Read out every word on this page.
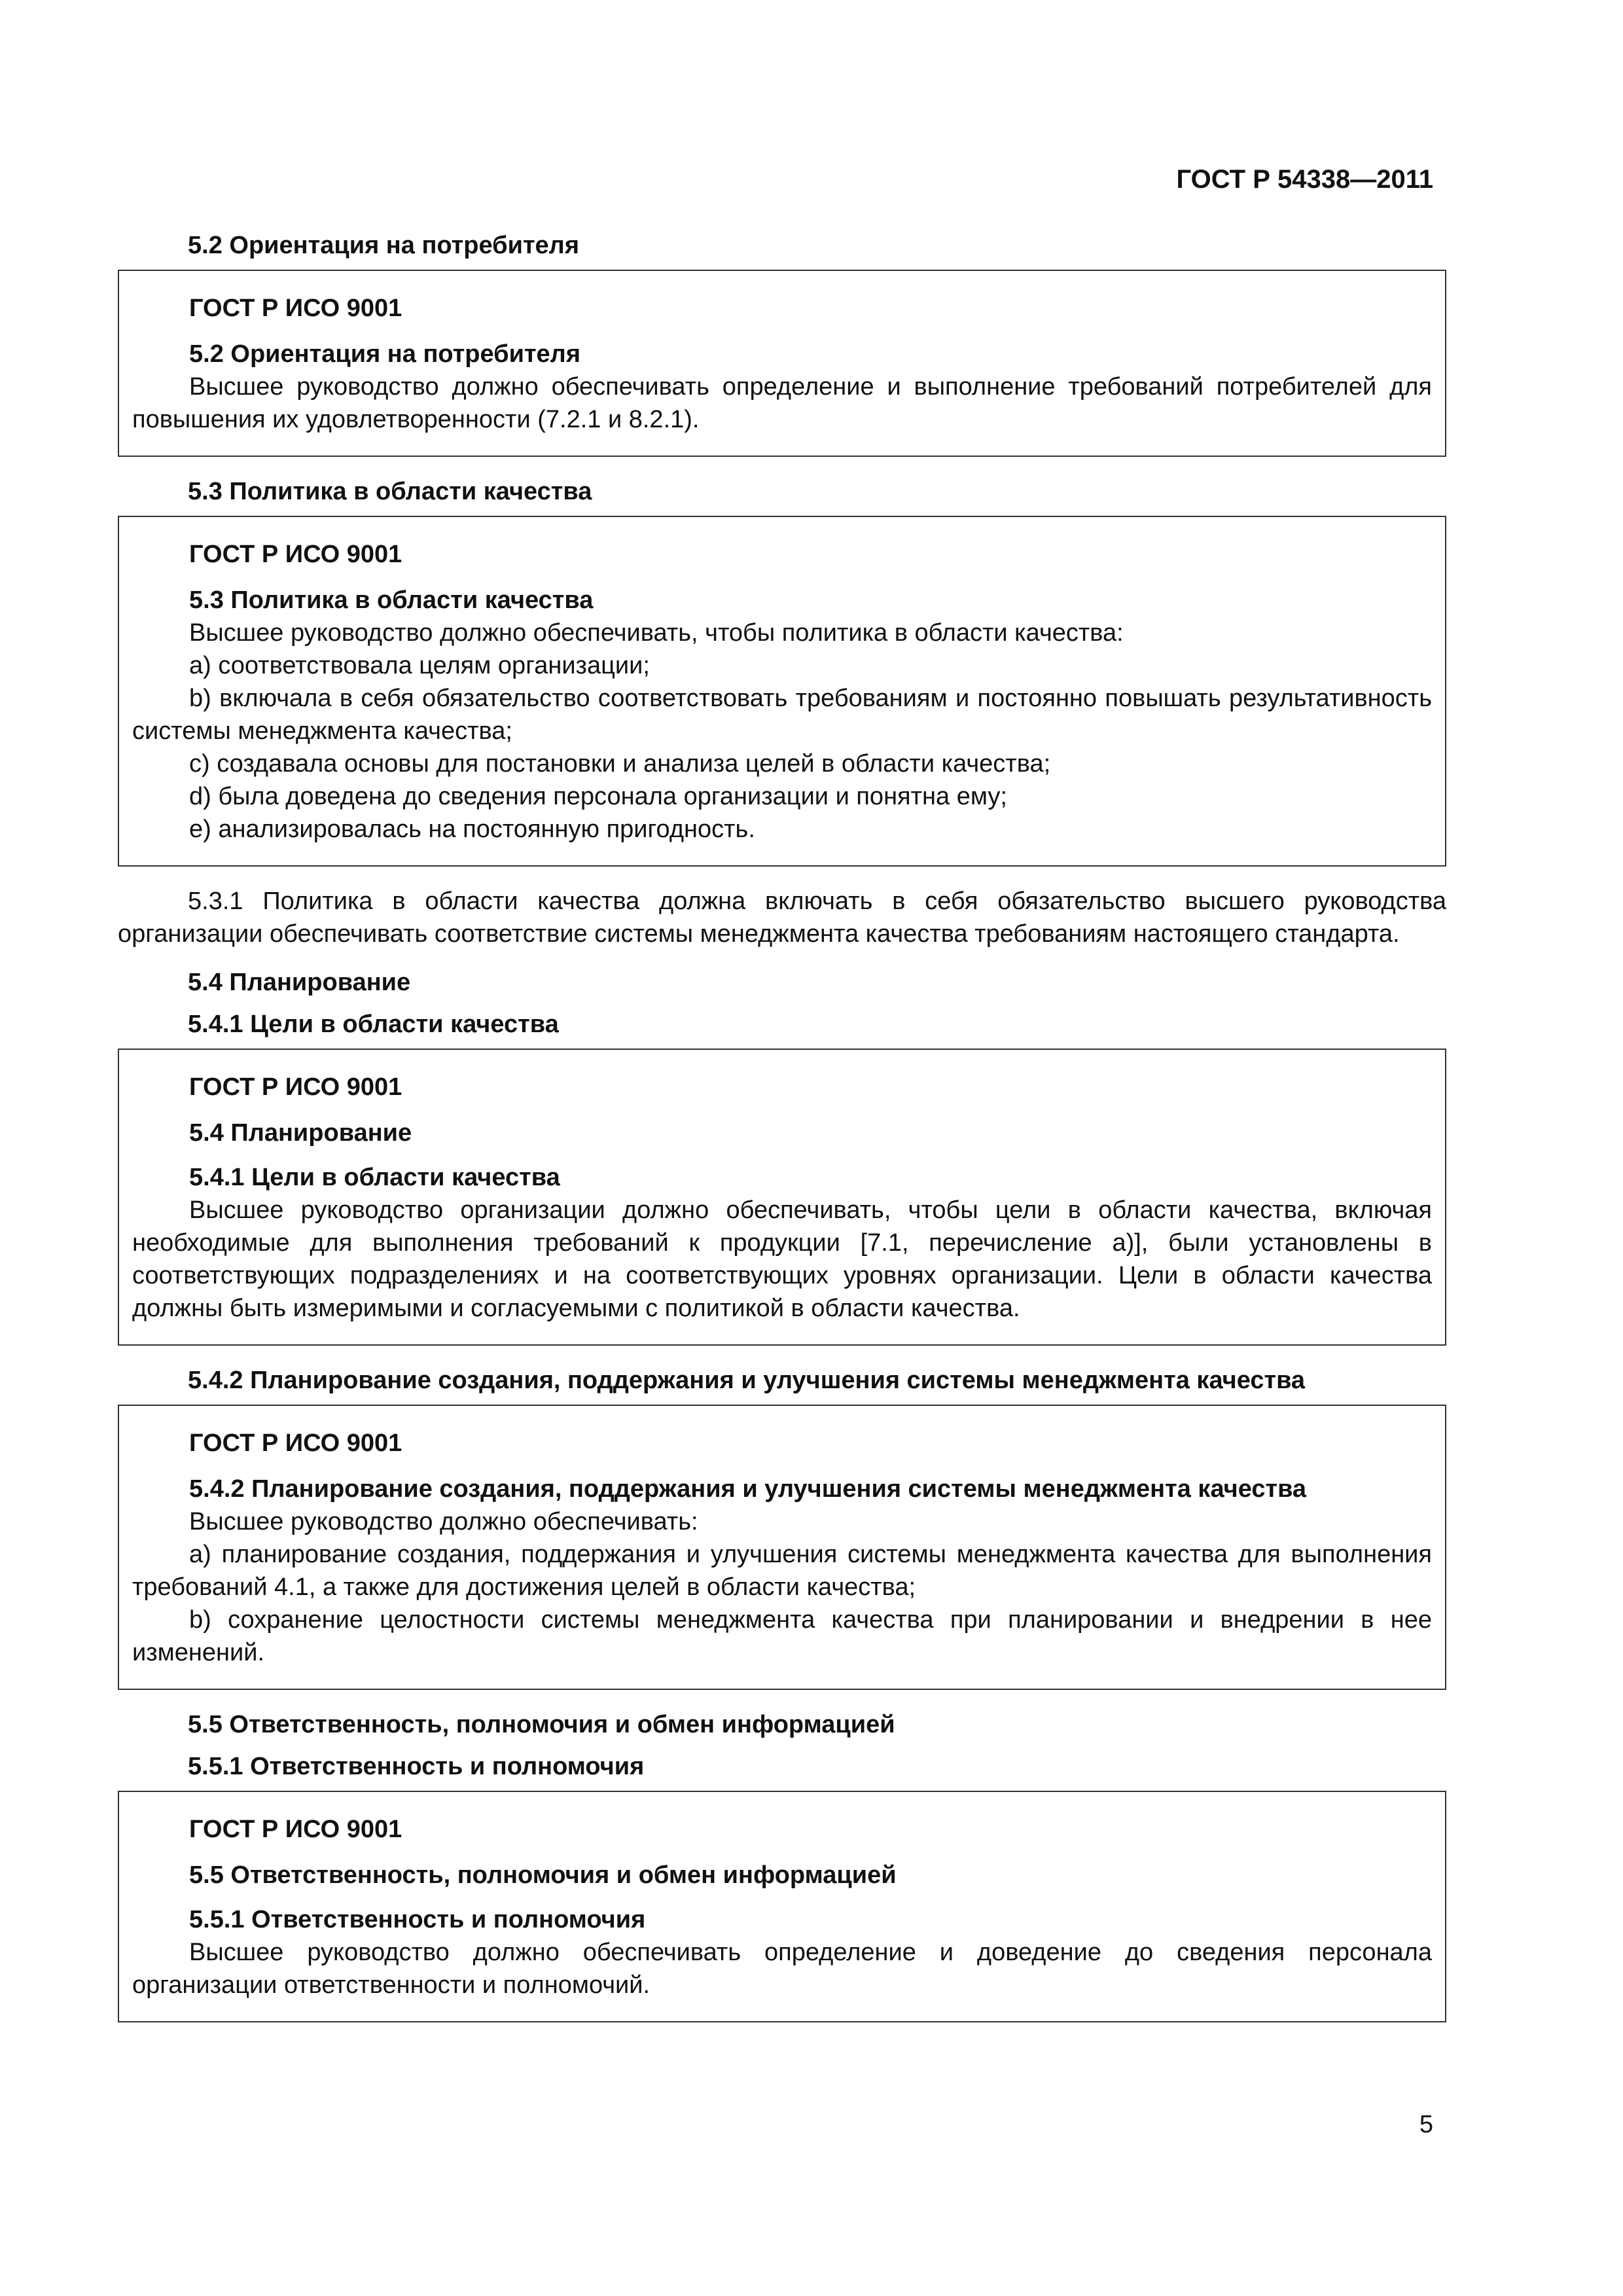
ГОСТ Р 54338—2011

5.2 Ориентация на потребителя

ГОСТ Р ИСО 9001

5.2 Ориентация на потребителя

Высшее руководство должно обеспечивать определение и выполнение требований потребителей для повышения их удовлетворенности (7.2.1 и 8.2.1).

5.3 Политика в области качества

ГОСТ Р ИСО 9001

5.3 Политика в области качества

Высшее руководство должно обеспечивать, чтобы политика в области качества:

a) соответствовала целям организации;

b) включала в себя обязательство соответствовать требованиям и постоянно повышать результативность системы менеджмента качества;

c) создавала основы для постановки и анализа целей в области качества;

d) была доведена до сведения персонала организации и понятна ему;

e) анализировалась на постоянную пригодность.

5.3.1 Политика в области качества должна включать в себя обязательство высшего руководства организации обеспечивать соответствие системы менеджмента качества требованиям настоящего стандарта.

5.4 Планирование

5.4.1 Цели в области качества

ГОСТ Р ИСО 9001

5.4 Планирование

5.4.1 Цели в области качества

Высшее руководство организации должно обеспечивать, чтобы цели в области качества, включая необходимые для выполнения требований к продукции [7.1, перечисление а)], были установлены в соответствующих подразделениях и на соответствующих уровнях организации. Цели в области качества должны быть измеримыми и согласуемыми с политикой в области качества.

5.4.2 Планирование создания, поддержания и улучшения системы менеджмента качества

ГОСТ Р ИСО 9001

5.4.2 Планирование создания, поддержания и улучшения системы менеджмента качества

Высшее руководство должно обеспечивать:

a) планирование создания, поддержания и улучшения системы менеджмента качества для выполнения требований 4.1, а также для достижения целей в области качества;

b) сохранение целостности системы менеджмента качества при планировании и внедрении в нее изменений.

5.5 Ответственность, полномочия и обмен информацией

5.5.1 Ответственность и полномочия

ГОСТ Р ИСО 9001

5.5 Ответственность, полномочия и обмен информацией

5.5.1 Ответственность и полномочия

Высшее руководство должно обеспечивать определение и доведение до сведения персонала организации ответственности и полномочий.

5
